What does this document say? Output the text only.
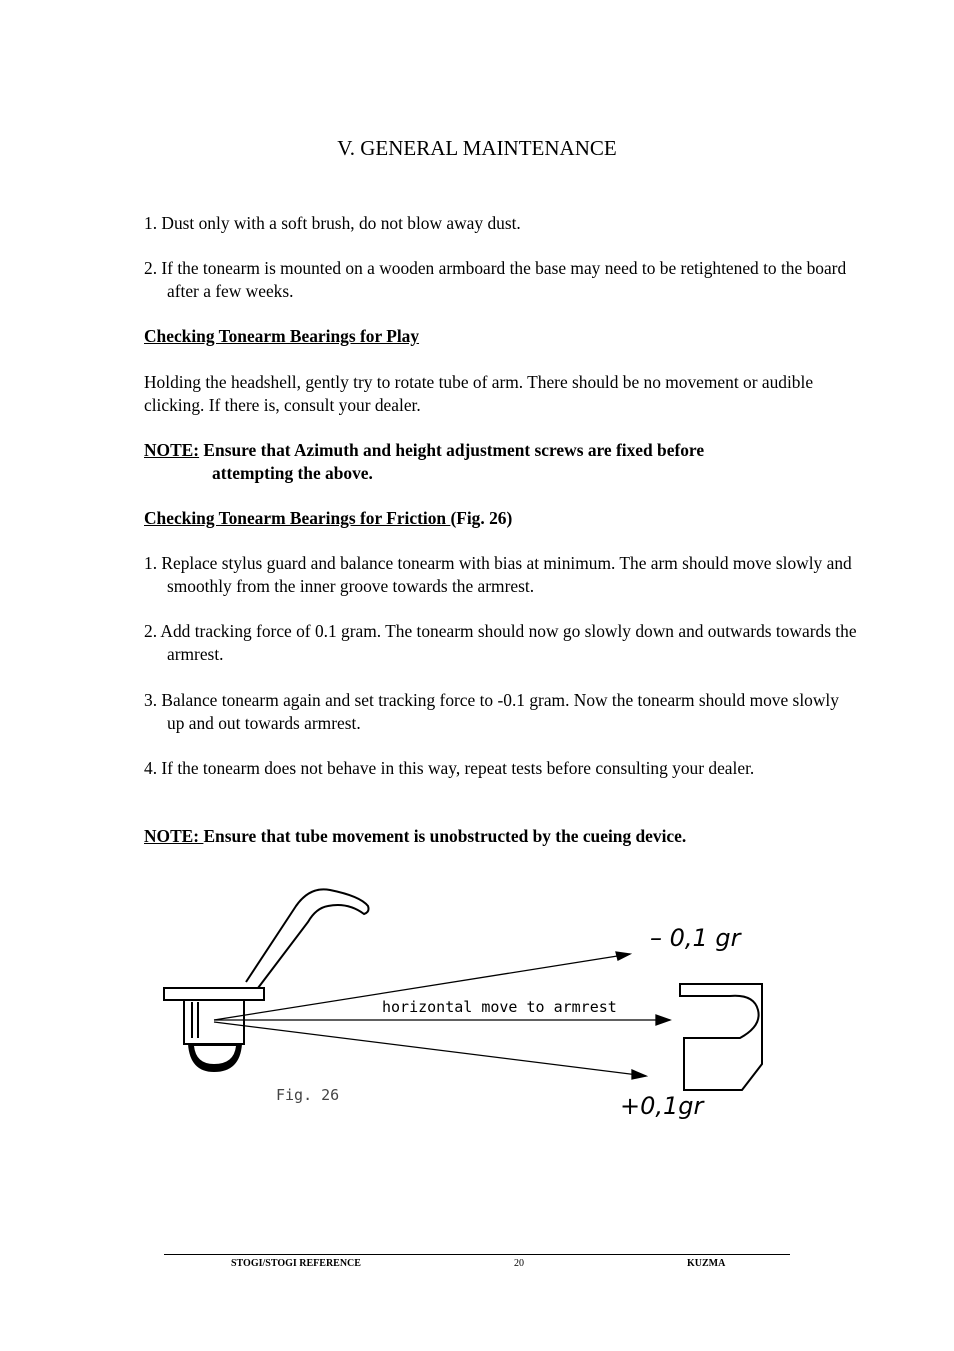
V. GENERAL MAINTENANCE

1. Dust only with a soft brush, do not blow away dust.

2. If the tonearm is mounted on a wooden armboard the base may need to be retightened to the board after a few weeks.

Checking Tonearm Bearings for Play

Holding the headshell, gently try to rotate tube of arm. There should be no movement or audible clicking. If there is, consult your dealer.

NOTE: Ensure that Azimuth and height adjustment screws are fixed before
attempting the above.

Checking Tonearm Bearings for Friction (Fig. 26)

1. Replace stylus guard and balance tonearm with bias at minimum. The arm should move slowly and smoothly from the inner groove towards the armrest.

2. Add tracking force of 0.1 gram. The tonearm should now go slowly down and outwards towards the armrest.

3. Balance tonearm again and set tracking force to -0.1 gram. Now the tonearm should move slowly up and out towards armrest.

4. If the tonearm does not behave in this way, repeat tests before consulting your dealer.

NOTE: Ensure that tube movement is unobstructed by the cueing device.

– 0,1 gr
horizontal move to armrest
+0,1gr
Fig. 26
STOGI/STOGI REFERENCE	20	KUZMA
